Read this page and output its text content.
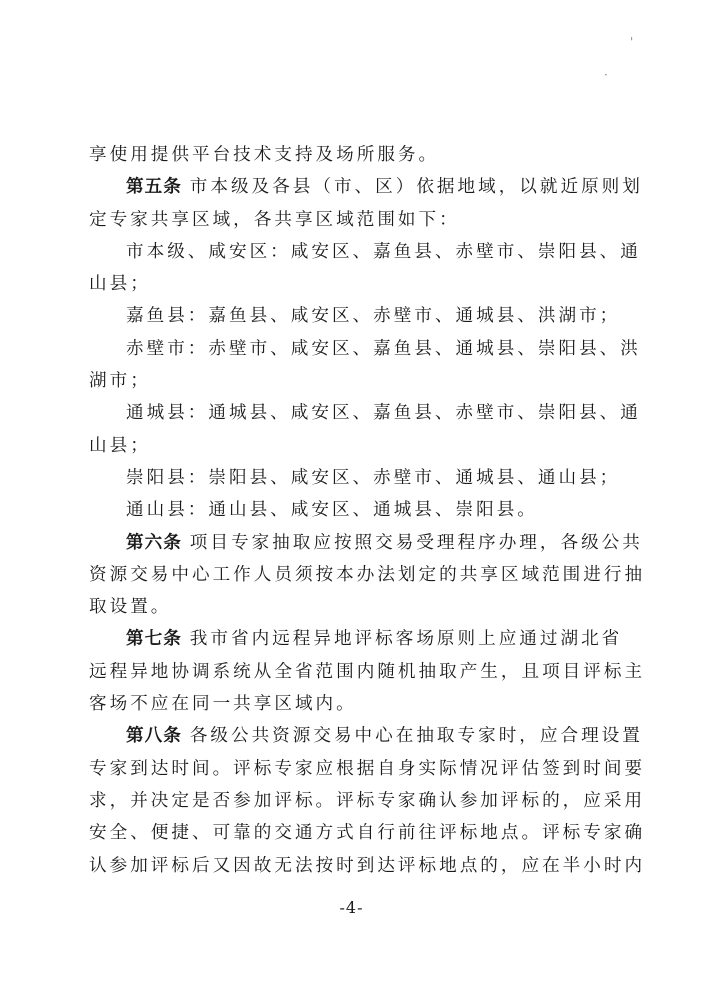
'
·
享使用提供平台技术支持及场所服务。
第五条 市本级及各县（市、区）依据地域，以就近原则划
定专家共享区域，各共享区域范围如下：
市本级、咸安区：咸安区、嘉鱼县、赤壁市、崇阳县、通
山县；
嘉鱼县：嘉鱼县、咸安区、赤壁市、通城县、洪湖市；
赤壁市：赤壁市、咸安区、嘉鱼县、通城县、崇阳县、洪
湖市；
通城县：通城县、咸安区、嘉鱼县、赤壁市、崇阳县、通
山县；
崇阳县：崇阳县、咸安区、赤壁市、通城县、通山县；
通山县：通山县、咸安区、通城县、崇阳县。
第六条 项目专家抽取应按照交易受理程序办理，各级公共
资源交易中心工作人员须按本办法划定的共享区域范围进行抽
取设置。
第七条 我市省内远程异地评标客场原则上应通过湖北省
远程异地协调系统从全省范围内随机抽取产生，且项目评标主
客场不应在同一共享区域内。
第八条 各级公共资源交易中心在抽取专家时，应合理设置
专家到达时间。评标专家应根据自身实际情况评估签到时间要
求，并决定是否参加评标。评标专家确认参加评标的，应采用
安全、便捷、可靠的交通方式自行前往评标地点。评标专家确
认参加评标后又因故无法按时到达评标地点的，应在半小时内
-4-
